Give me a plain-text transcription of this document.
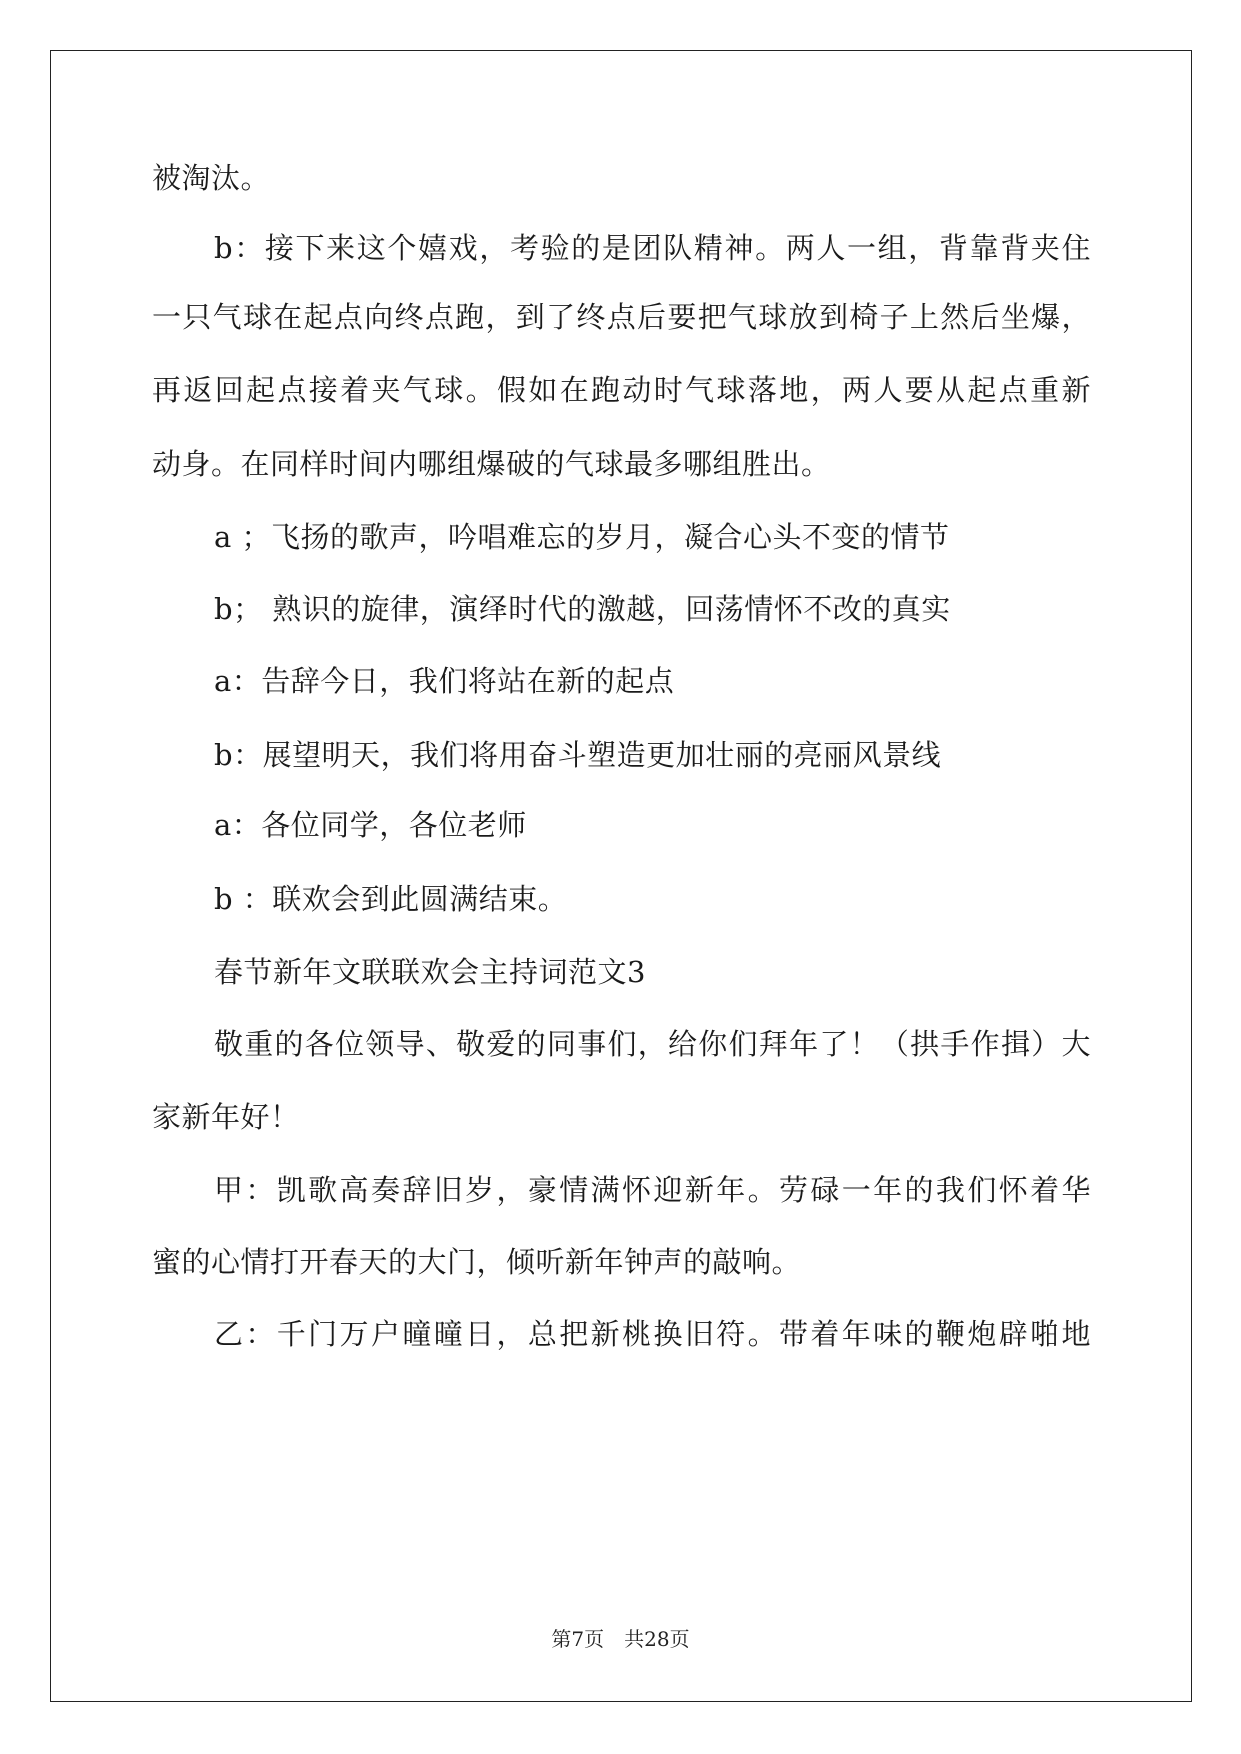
被淘汰。
b：接下来这个嬉戏，考验的是团队精神。两人一组，背靠背夹住
一只气球在起点向终点跑，到了终点后要把气球放到椅子上然后坐爆，
再返回起点接着夹气球。假如在跑动时气球落地，两人要从起点重新
动身。在同样时间内哪组爆破的气球最多哪组胜出。
a ；飞扬的歌声，吟唱难忘的岁月，凝合心头不变的情节
b； 熟识的旋律，演绎时代的激越，回荡情怀不改的真实
a：告辞今日，我们将站在新的起点
b：展望明天，我们将用奋斗塑造更加壮丽的亮丽风景线
a：各位同学，各位老师
b ：联欢会到此圆满结束。
春节新年文联联欢会主持词范文3
敬重的各位领导、敬爱的同事们，给你们拜年了！（拱手作揖）大
家新年好！
甲：凯歌高奏辞旧岁，豪情满怀迎新年。劳碌一年的我们怀着华
蜜的心情打开春天的大门，倾听新年钟声的敲响。
乙：千门万户曈曈日，总把新桃换旧符。带着年味的鞭炮辟啪地
第7页　共28页
